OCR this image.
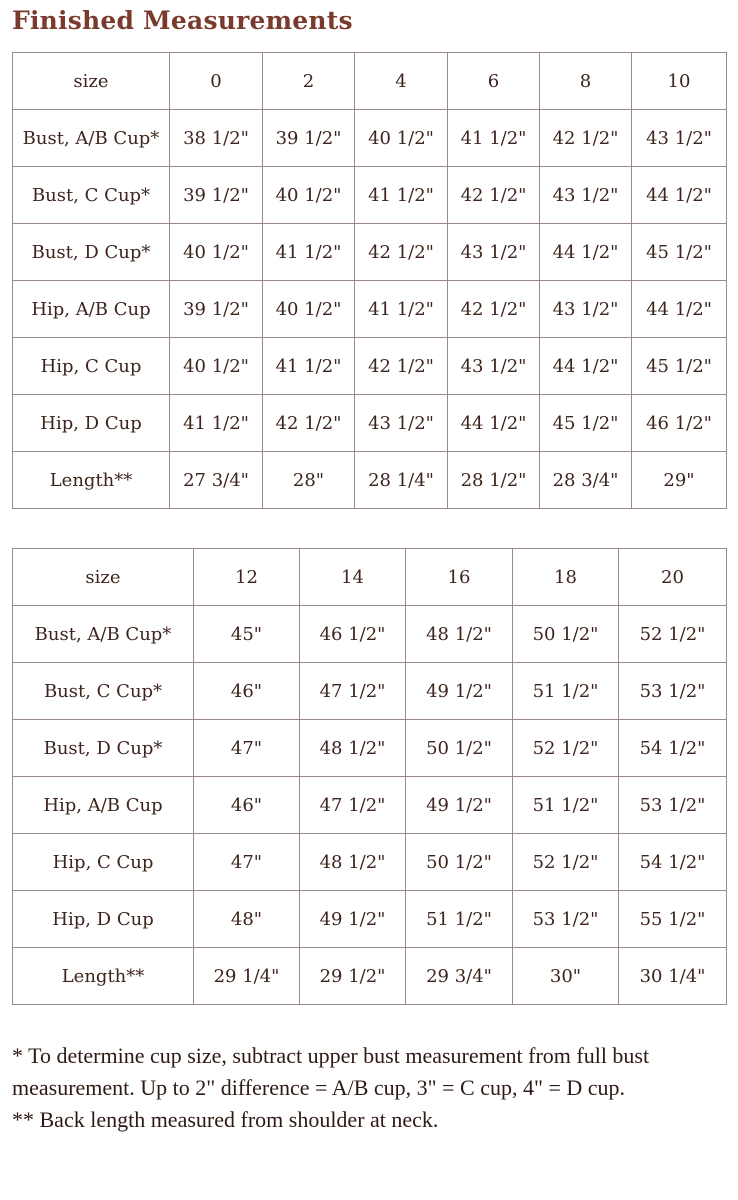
Finished Measurements
size	0	2	4	6	8	10
Bust, A/B Cup*	38 1/2"	39 1/2"	40 1/2"	41 1/2"	42 1/2"	43 1/2"
Bust, C Cup*	39 1/2"	40 1/2"	41 1/2"	42 1/2"	43 1/2"	44 1/2"
Bust, D Cup*	40 1/2"	41 1/2"	42 1/2"	43 1/2"	44 1/2"	45 1/2"
Hip, A/B Cup	39 1/2"	40 1/2"	41 1/2"	42 1/2"	43 1/2"	44 1/2"
Hip, C Cup	40 1/2"	41 1/2"	42 1/2"	43 1/2"	44 1/2"	45 1/2"
Hip, D Cup	41 1/2"	42 1/2"	43 1/2"	44 1/2"	45 1/2"	46 1/2"
Length**	27 3/4"	28"	28 1/4"	28 1/2"	28 3/4"	29"
size	12	14	16	18	20
Bust, A/B Cup*	45"	46 1/2"	48 1/2"	50 1/2"	52 1/2"
Bust, C Cup*	46"	47 1/2"	49 1/2"	51 1/2"	53 1/2"
Bust, D Cup*	47"	48 1/2"	50 1/2"	52 1/2"	54 1/2"
Hip, A/B Cup	46"	47 1/2"	49 1/2"	51 1/2"	53 1/2"
Hip, C Cup	47"	48 1/2"	50 1/2"	52 1/2"	54 1/2"
Hip, D Cup	48"	49 1/2"	51 1/2"	53 1/2"	55 1/2"
Length**	29 1/4"	29 1/2"	29 3/4"	30"	30 1/4"

* To determine cup size, subtract upper bust measurement from full bust measurement. Up to 2" difference = A/B cup, 3" = C cup, 4" = D cup.

** Back length measured from shoulder at neck.
